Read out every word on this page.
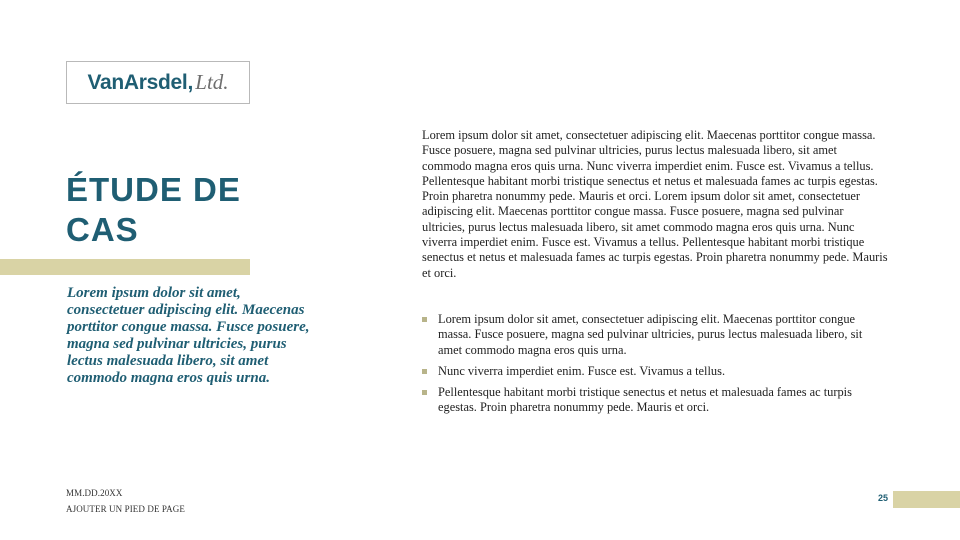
VanArsdel , Ltd.
ÉTUDE DE CAS

Lorem ipsum dolor sit amet, consectetuer adipiscing elit. Maecenas porttitor congue massa. Fusce posuere, magna sed pulvinar ultricies, purus lectus malesuada libero, sit amet commodo magna eros quis urna.

MM.DD.20XX
AJOUTER UN PIED DE PAGE

Lorem ipsum dolor sit amet, consectetuer adipiscing elit. Maecenas porttitor congue massa. Fusce posuere, magna sed pulvinar ultricies, purus lectus malesuada libero, sit amet commodo magna eros quis urna. Nunc viverra imperdiet enim. Fusce est. Vivamus a tellus. Pellentesque habitant morbi tristique senectus et netus et malesuada fames ac turpis egestas. Proin pharetra nonummy pede. Mauris et orci. Lorem ipsum dolor sit amet, consectetuer adipiscing elit. Maecenas porttitor congue massa. Fusce posuere, magna sed pulvinar ultricies, purus lectus malesuada libero, sit amet commodo magna eros quis urna. Nunc viverra imperdiet enim. Fusce est. Vivamus a tellus. Pellentesque habitant morbi tristique senectus et netus et malesuada fames ac turpis egestas. Proin pharetra nonummy pede. Mauris et orci.

Lorem ipsum dolor sit amet, consectetuer adipiscing elit. Maecenas porttitor congue massa. Fusce posuere, magna sed pulvinar ultricies, purus lectus malesuada libero, sit amet commodo magna eros quis urna.
Nunc viverra imperdiet enim. Fusce est. Vivamus a tellus.
Pellentesque habitant morbi tristique senectus et netus et malesuada fames ac turpis egestas. Proin pharetra nonummy pede. Mauris et orci.
25
